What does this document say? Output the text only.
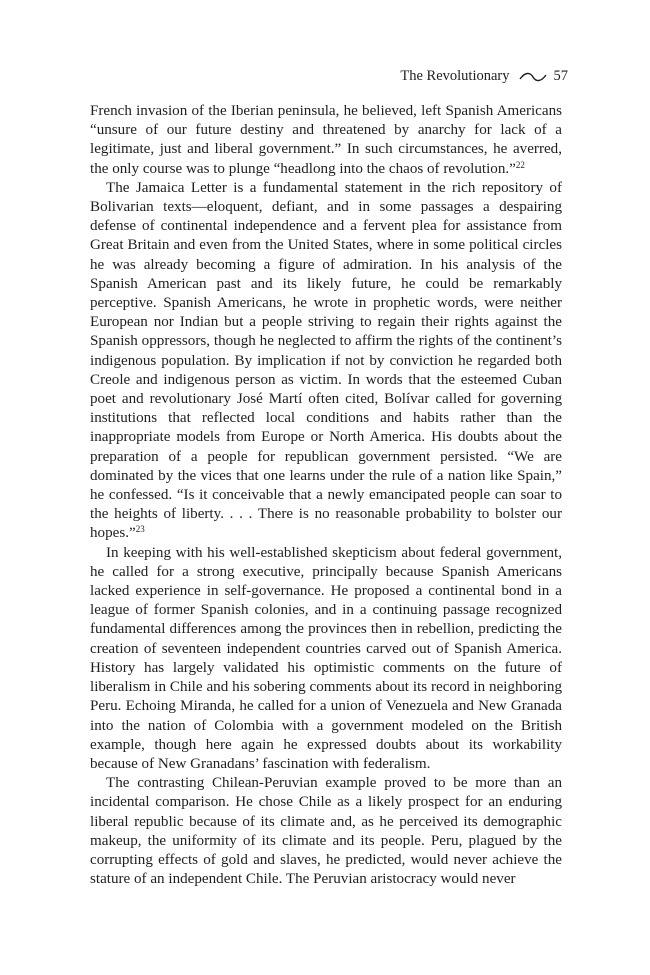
The Revolutionary	57

French invasion of the Iberian peninsula, he believed, left Spanish Americans “unsure of our future destiny and threatened by anarchy for lack of a legitimate, just and liberal government.” In such circumstances, he averred, the only course was to plunge “headlong into the chaos of revolution.”$^{22}$

The Jamaica Letter is a fundamental statement in the rich repository of Bolivarian texts—eloquent, defiant, and in some passages a despairing defense of continental independence and a fervent plea for assistance from Great Britain and even from the United States, where in some political circles he was already becoming a figure of admiration. In his analysis of the Spanish American past and its likely future, he could be remarkably perceptive. Spanish Americans, he wrote in prophetic words, were neither European nor Indian but a people striving to regain their rights against the Spanish oppressors, though he neglected to affirm the rights of the continent’s indigenous population. By implication if not by conviction he regarded both Creole and indigenous person as victim. In words that the esteemed Cuban poet and revolutionary José Martí often cited, Bolívar called for governing institutions that reflected local conditions and habits rather than the inappropriate models from Europe or North America. His doubts about the preparation of a people for republican government persisted. “We are dominated by the vices that one learns under the rule of a nation like Spain,” he confessed. “Is it conceivable that a newly emancipated people can soar to the heights of liberty. . . . There is no reasonable probability to bolster our hopes.”$^{23}$

In keeping with his well-established skepticism about federal government, he called for a strong executive, principally because Spanish Americans lacked experience in self-governance. He proposed a continental bond in a league of former Spanish colonies, and in a continuing passage recognized fundamental differences among the provinces then in rebellion, predicting the creation of seventeen independent countries carved out of Spanish America. History has largely validated his optimistic comments on the future of liberalism in Chile and his sobering comments about its record in neighboring Peru. Echoing Miranda, he called for a union of Venezuela and New Granada into the nation of Colombia with a government modeled on the British example, though here again he expressed doubts about its workability because of New Granadans’ fascination with federalism.

The contrasting Chilean-Peruvian example proved to be more than an incidental comparison. He chose Chile as a likely prospect for an enduring liberal republic because of its climate and, as he perceived its demographic makeup, the uniformity of its climate and its people. Peru, plagued by the corrupting effects of gold and slaves, he predicted, would never achieve the stature of an independent Chile. The Peruvian aristocracy would never
